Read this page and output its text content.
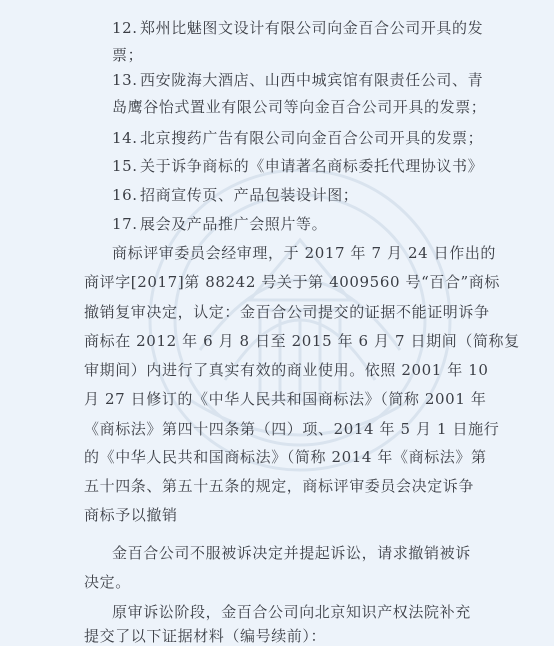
12. 郑州比魅图文设计有限公司向金百合公司开具的发
票；
13. 西安陇海大酒店、山西中城宾馆有限责任公司、青
岛鹰谷怡式置业有限公司等向金百合公司开具的发票；
14. 北京搜药广告有限公司向金百合公司开具的发票；
15. 关于诉争商标的《申请著名商标委托代理协议书》
16. 招商宣传页、产品包装设计图；
17. 展会及产品推广会照片等。
商标评审委员会经审理，于 2017 年 7 月 24 日作出的
商评字[2017]第 88242 号关于第 4009560 号“百合”商标
撤销复审决定，认定：金百合公司提交的证据不能证明诉争
商标在 2012 年 6 月 8 日至 2015 年 6 月 7 日期间（简称复
审期间）内进行了真实有效的商业使用。依照 2001 年 10
月 27 日修订的《中华人民共和国商标法》（简称 2001 年
《商标法》第四十四条第（四）项、2014 年 5 月 1 日施行
的《中华人民共和国商标法》（简称 2014 年《商标法》第
五十四条、第五十五条的规定，商标评审委员会决定诉争
商标予以撤销
金百合公司不服被诉决定并提起诉讼，请求撤销被诉
决定。
原审诉讼阶段，金百合公司向北京知识产权法院补充
提交了以下证据材料（编号续前）：
